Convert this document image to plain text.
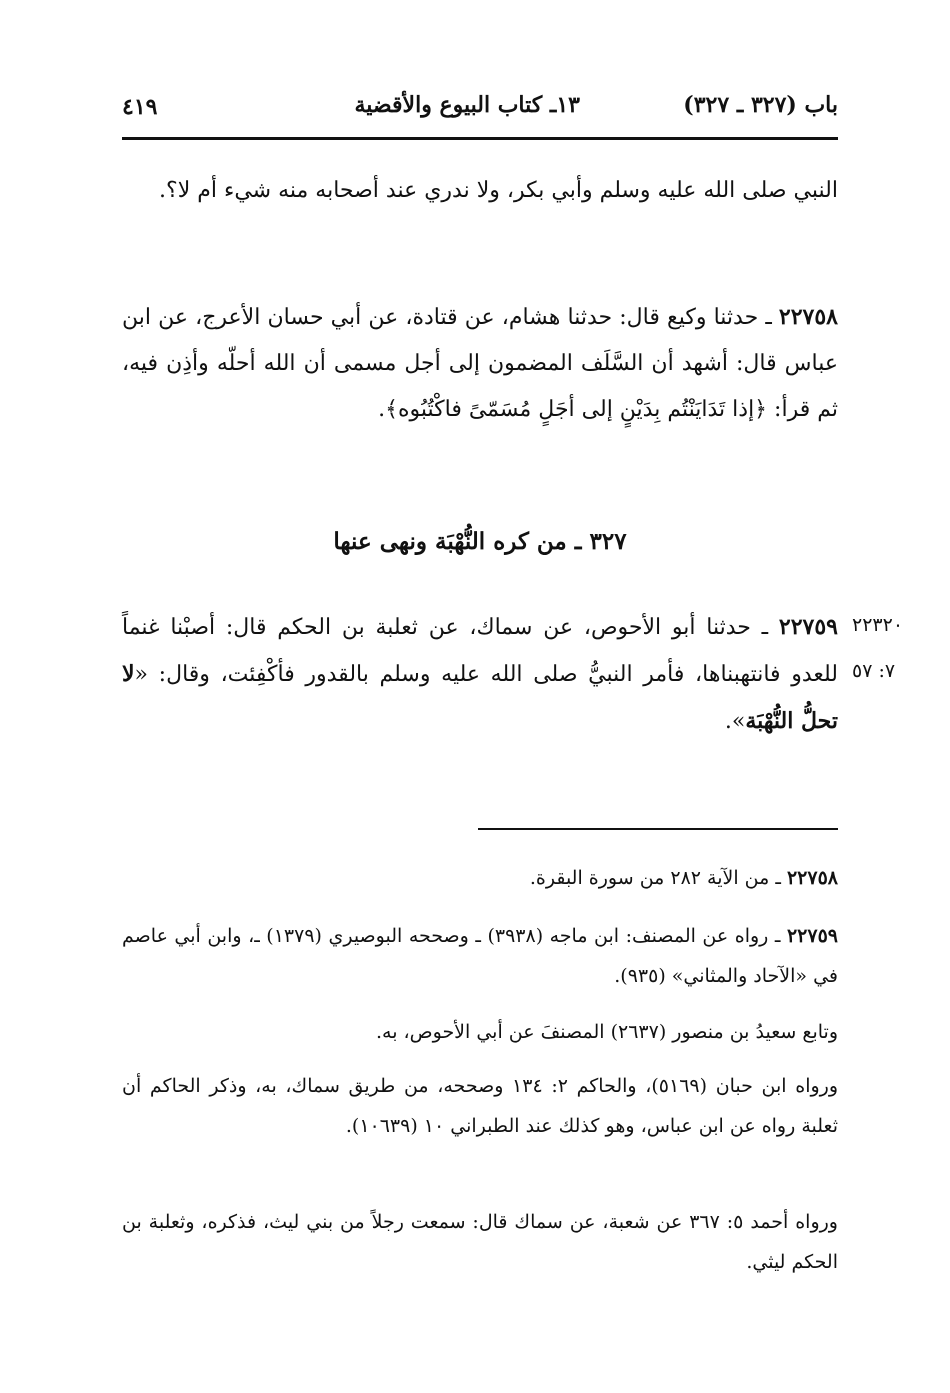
باب (٣٢٧ ـ ٣٢٧)
١٣ـ كتاب البيوع والأقضية
٤١٩
النبي صلى الله عليه وسلم وأبي بكر، ولا ندري عند أصحابه منه شيء أم لا؟.
٢٢٧٥٨ ـ حدثنا وكيع قال: حدثنا هشام، عن قتادة، عن أبي حسان الأعرج، عن ابن عباس قال: أشهد أن السَّلَف المضمون إلى أجل مسمى أن الله أحلّه وأذِن فيه، ثم قرأ: ﴿إذا تَدَايَنْتُم بِدَيْنٍ إلى أجَلٍ مُسَمّىً فاكْتُبُوه﴾.
٣٢٧ ـ من كره النُّهْبَة ونهى عنها
٢٢٧٥٩ ـ حدثنا أبو الأحوص، عن سماك، عن ثعلبة بن الحكم قال: أصبْنا غنماً للعدو فانتهبناها، فأمر النبيُّ صلى الله عليه وسلم بالقدور فأكْفِئت، وقال: «لا تحلُّ النُّهْبَة».
٢٢٣٢٠
٧: ٥٧
٢٢٧٥٨ ـ من الآية ٢٨٢ من سورة البقرة.
٢٢٧٥٩ ـ رواه عن المصنف: ابن ماجه (٣٩٣٨) ـ وصححه البوصيري (١٣٧٩) ـ، وابن أبي عاصم في «الآحاد والمثاني» (٩٣٥).
وتابع سعيدُ بن منصور (٢٦٣٧) المصنفَ عن أبي الأحوص، به.
ورواه ابن حبان (٥١٦٩)، والحاكم ٢: ١٣٤ وصححه، من طريق سماك، به، وذكر الحاكم أن ثعلبة رواه عن ابن عباس، وهو كذلك عند الطبراني ١٠ (١٠٦٣٩).
ورواه أحمد ٥: ٣٦٧ عن شعبة، عن سماك قال: سمعت رجلاً من بني ليث، فذكره، وثعلبة بن الحكم ليثي.
